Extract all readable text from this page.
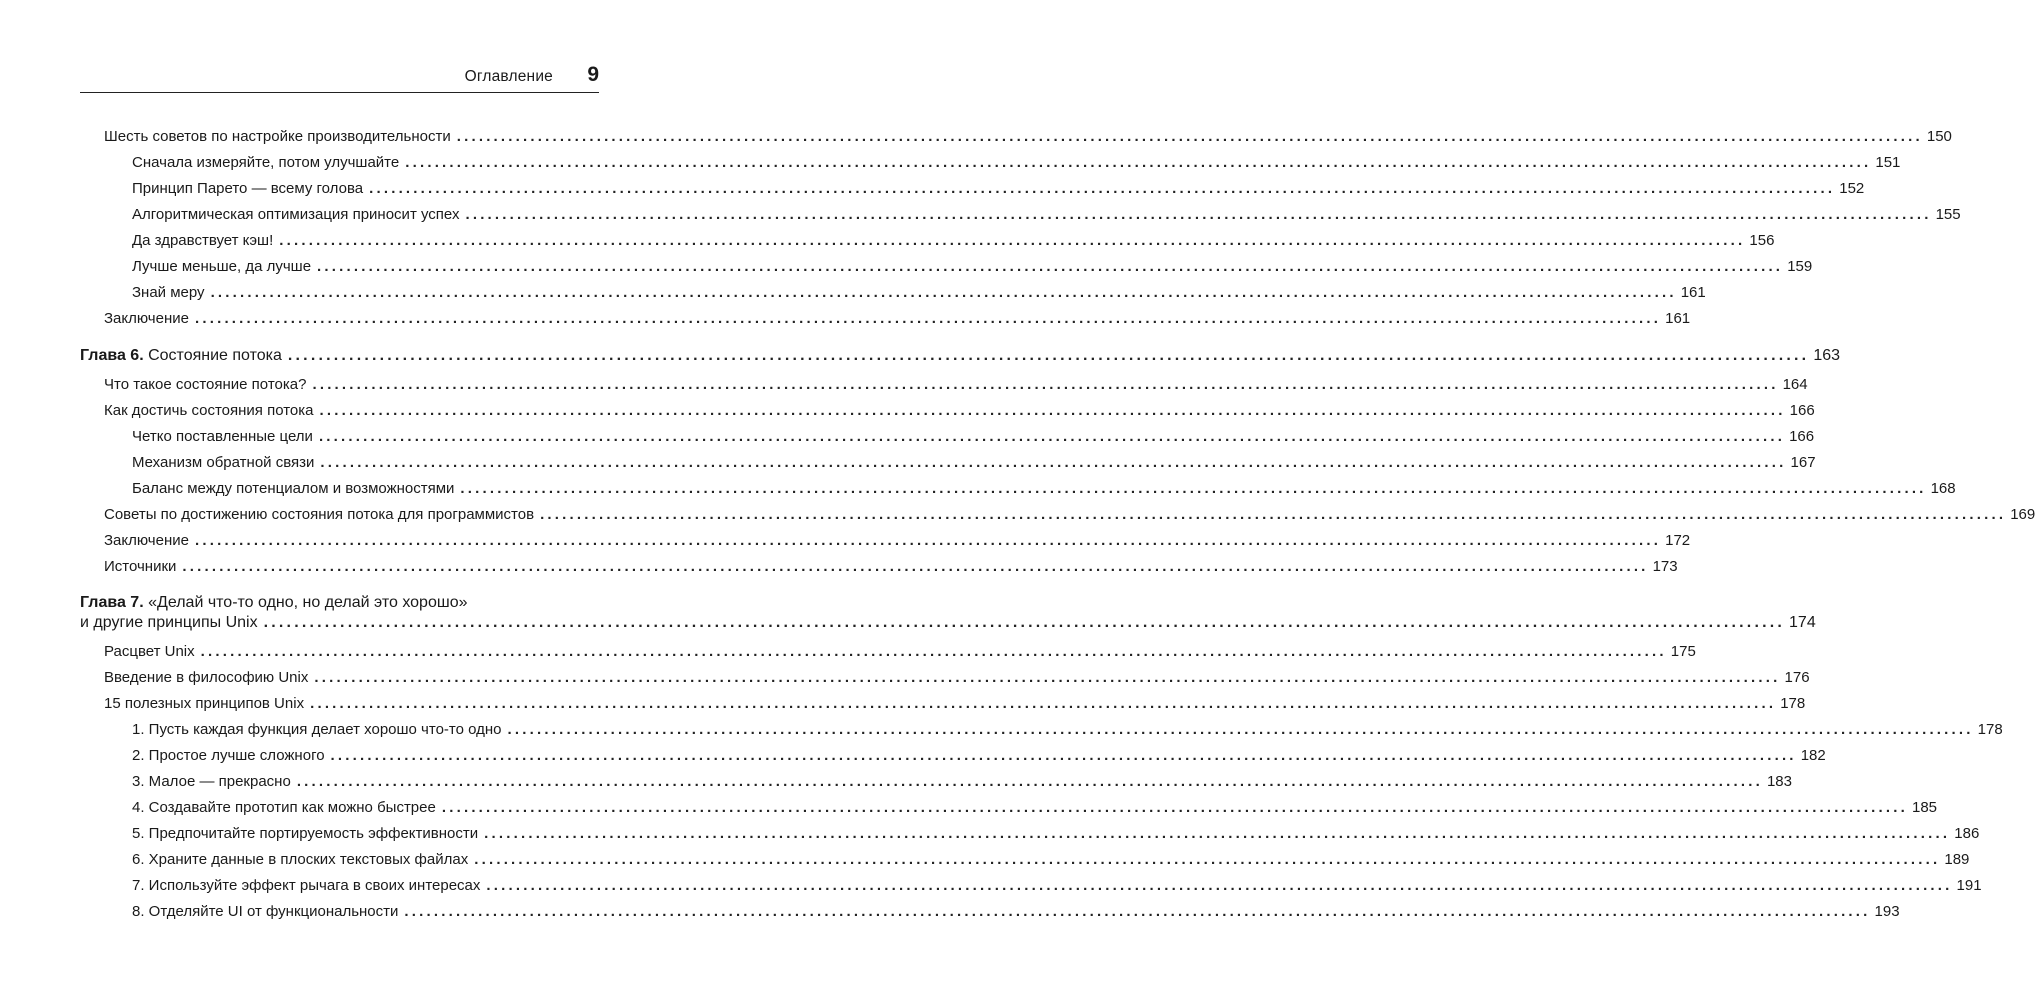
Оглавление 9
Шесть советов по настройке производительности ....................................................................................................................................................................................................... 150
Сначала измеряйте, потом улучшайте ....................................................................................................................................................................................................... 151
Принцип Парето — всему голова ....................................................................................................................................................................................................... 152
Алгоритмическая оптимизация приносит успех ....................................................................................................................................................................................................... 155
Да здравствует кэш! ....................................................................................................................................................................................................... 156
Лучше меньше, да лучше ....................................................................................................................................................................................................... 159
Знай меру ....................................................................................................................................................................................................... 161
Заключение ....................................................................................................................................................................................................... 161
Глава 6. Состояние потока ....................................................................................................................................................................................................... 163
Что такое состояние потока? ....................................................................................................................................................................................................... 164
Как достичь состояния потока ....................................................................................................................................................................................................... 166
Четко поставленные цели ....................................................................................................................................................................................................... 166
Механизм обратной связи ....................................................................................................................................................................................................... 167
Баланс между потенциалом и возможностями ....................................................................................................................................................................................................... 168
Советы по достижению состояния потока для программистов ....................................................................................................................................................................................................... 169
Заключение ....................................................................................................................................................................................................... 172
Источники ....................................................................................................................................................................................................... 173
Глава 7. «Делай что-то одно, но делай это хорошо»
и другие принципы Unix ....................................................................................................................................................................................................... 174
Расцвет Unix ....................................................................................................................................................................................................... 175
Введение в философию Unix ....................................................................................................................................................................................................... 176
15 полезных принципов Unix ....................................................................................................................................................................................................... 178
1. Пусть каждая функция делает хорошо что-то одно ....................................................................................................................................................................................................... 178
2. Простое лучше сложного ....................................................................................................................................................................................................... 182
3. Малое — прекрасно ....................................................................................................................................................................................................... 183
4. Создавайте прототип как можно быстрее ....................................................................................................................................................................................................... 185
5. Предпочитайте портируемость эффективности ....................................................................................................................................................................................................... 186
6. Храните данные в плоских текстовых файлах ....................................................................................................................................................................................................... 189
7. Используйте эффект рычага в своих интересах ....................................................................................................................................................................................................... 191
8. Отделяйте UI от функциональности ....................................................................................................................................................................................................... 193
